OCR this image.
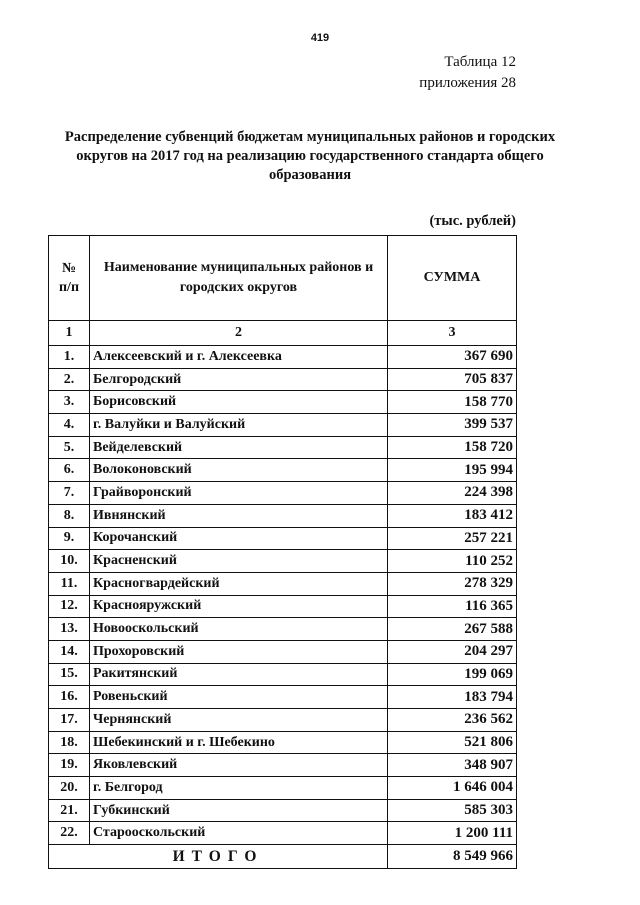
419
Таблица 12
приложения 28
Распределение субвенций бюджетам муниципальных районов и городских округов на 2017 год на реализацию государственного стандарта общего образования
(тыс. рублей)
№
п/п	Наименование муниципальных районов и городских округов	СУММА
1	2	3
1.	Алексеевский и г. Алексеевка	367 690
2.	Белгородский	705 837
3.	Борисовский	158 770
4.	г. Валуйки и Валуйский	399 537
5.	Вейделевский	158 720
6.	Волоконовский	195 994
7.	Грайворонский	224 398
8.	Ивнянский	183 412
9.	Корочанский	257 221
10.	Красненский	110 252
11.	Красногвардейский	278 329
12.	Краснояружский	116 365
13.	Новооскольский	267 588
14.	Прохоровский	204 297
15.	Ракитянский	199 069
16.	Ровеньский	183 794
17.	Чернянский	236 562
18.	Шебекинский и г. Шебекино	521 806
19.	Яковлевский	348 907
20.	г. Белгород	1 646 004
21.	Губкинский	585 303
22.	Старооскольский	1 200 111
ИТОГО		8 549 966
